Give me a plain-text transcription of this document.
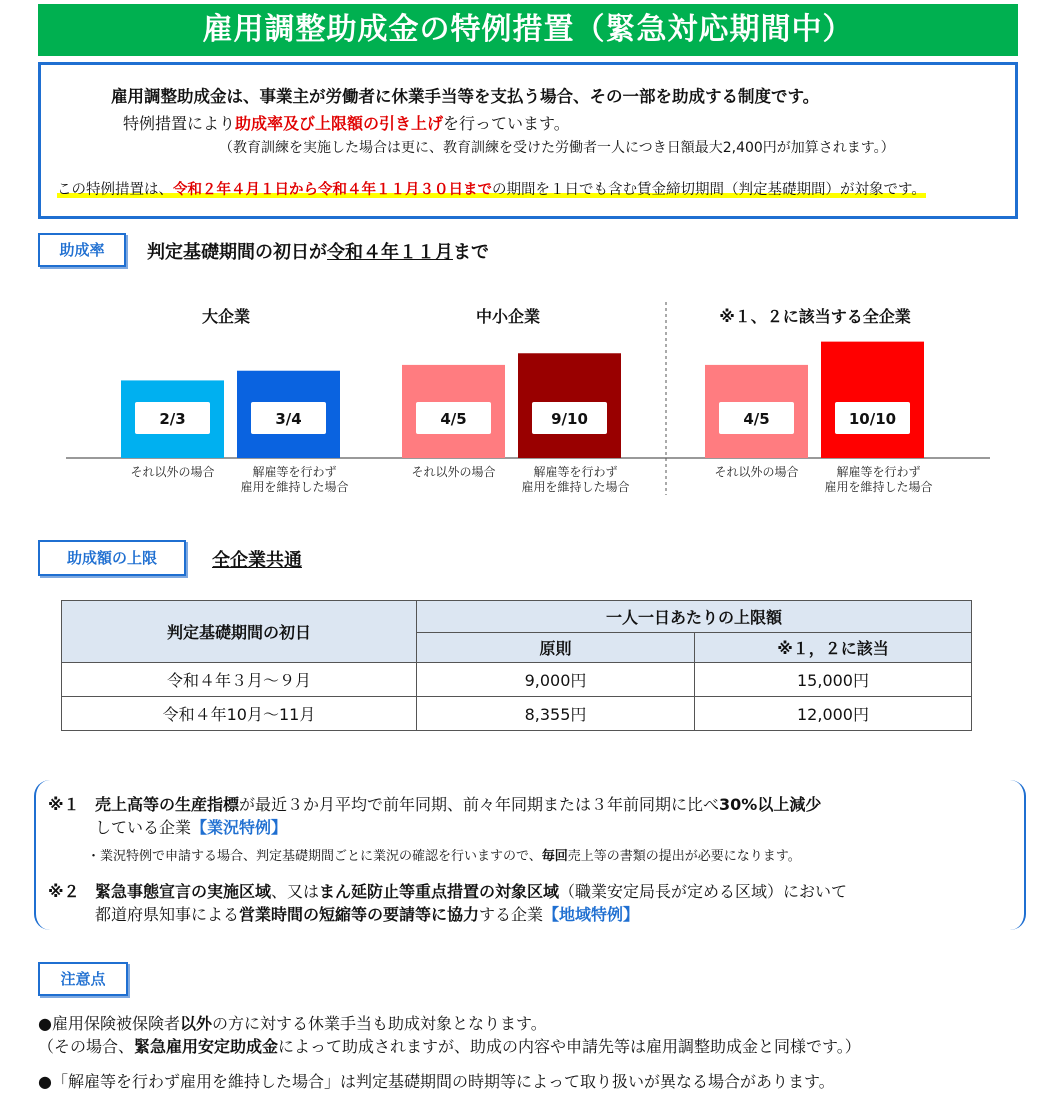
雇用調整助成金の特例措置（緊急対応期間中）
雇用調整助成金は、事業主が労働者に休業手当等を支払う場合、その一部を助成する制度です。
特例措置により助成率及び上限額の引き上げを行っています。
（教育訓練を実施した場合は更に、教育訓練を受けた労働者一人につき日額最大2,400円が加算されます。）
この特例措置は、令和２年４月１日から令和４年１１月３０日までの期間を１日でも含む賃金締切期間（判定基礎期間）が対象です。
助成率	判定基礎期間の初日が令和４年１１月まで
大企業
2/3
それ以外の場合
3/4
解雇等を行わず
雇用を維持した場合
中小企業
4/5
それ以外の場合
9/10
解雇等を行わず
雇用を維持した場合
※１、２に該当する全企業
4/5
それ以外の場合
10/10
解雇等を行わず
雇用を維持した場合
助成額の上限	全企業共通
判定基礎期間の初日	一人一日あたりの上限額	
	原則	※１，２に該当
令和４年３月～９月	9,000円	15,000円
令和４年10月～11月	8,355円	12,000円
※１ 売上高等の生産指標が最近３か月平均で前年同期、前々年同期または３年前同期に比べ30%以上減少
している企業【業況特例】
・業況特例で申請する場合、判定基礎期間ごとに業況の確認を行いますので、毎回売上等の書類の提出が必要になります。
※２ 緊急事態宣言の実施区域、又はまん延防止等重点措置の対象区域（職業安定局長が定める区域）において
都道府県知事による営業時間の短縮等の要請等に協力する企業【地域特例】
注意点
●雇用保険被保険者以外の方に対する休業手当も助成対象となります。
（その場合、緊急雇用安定助成金によって助成されますが、助成の内容や申請先等は雇用調整助成金と同様です。）
●「解雇等を行わず雇用を維持した場合」は判定基礎期間の時期等によって取り扱いが異なる場合があります。
